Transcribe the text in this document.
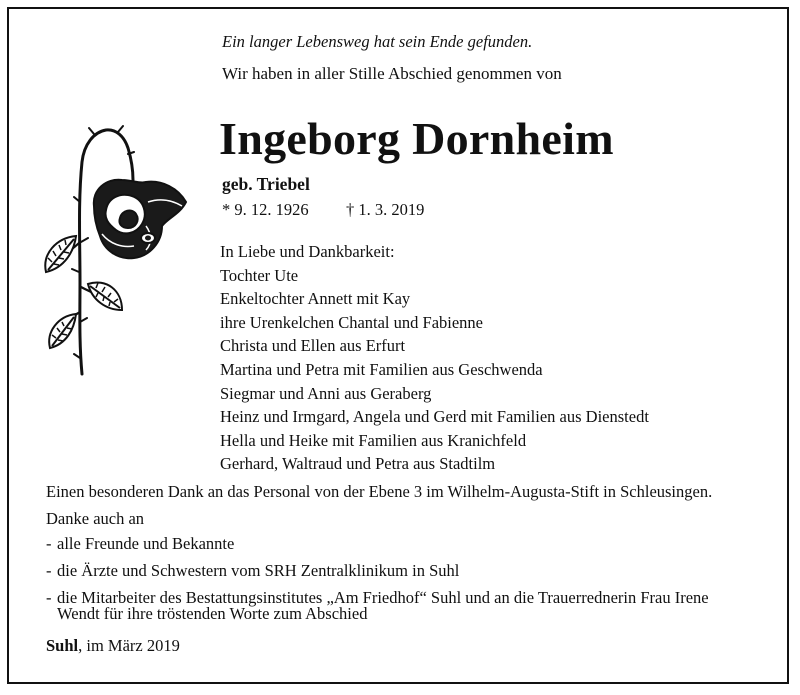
Ein langer Lebensweg hat sein Ende gefunden.
Wir haben in aller Stille Abschied genommen von
Ingeborg Dornheim
geb. Triebel
* 9. 12. 1926 † 1. 3. 2019
In Liebe und Dankbarkeit:
Tochter Ute
Enkeltochter Annett mit Kay
ihre Urenkelchen Chantal und Fabienne
Christa und Ellen aus Erfurt
Martina und Petra mit Familien aus Geschwenda
Siegmar und Anni aus Geraberg
Heinz und Irmgard, Angela und Gerd mit Familien aus Dienstedt
Hella und Heike mit Familien aus Kranichfeld
Gerhard, Waltraud und Petra aus Stadtilm
Einen besonderen Dank an das Personal von der Ebene 3 im Wilhelm-Augusta-Stift in Schleusingen.
Danke auch an
- alle Freunde und Bekannte
- die Ärzte und Schwestern vom SRH Zentralklinikum in Suhl
- die Mitarbeiter des Bestattungsinstitutes „Am Friedhof“ Suhl und an die Trauerrednerin Frau Irene
Wendt für ihre tröstenden Worte zum Abschied
Suhl, im März 2019
